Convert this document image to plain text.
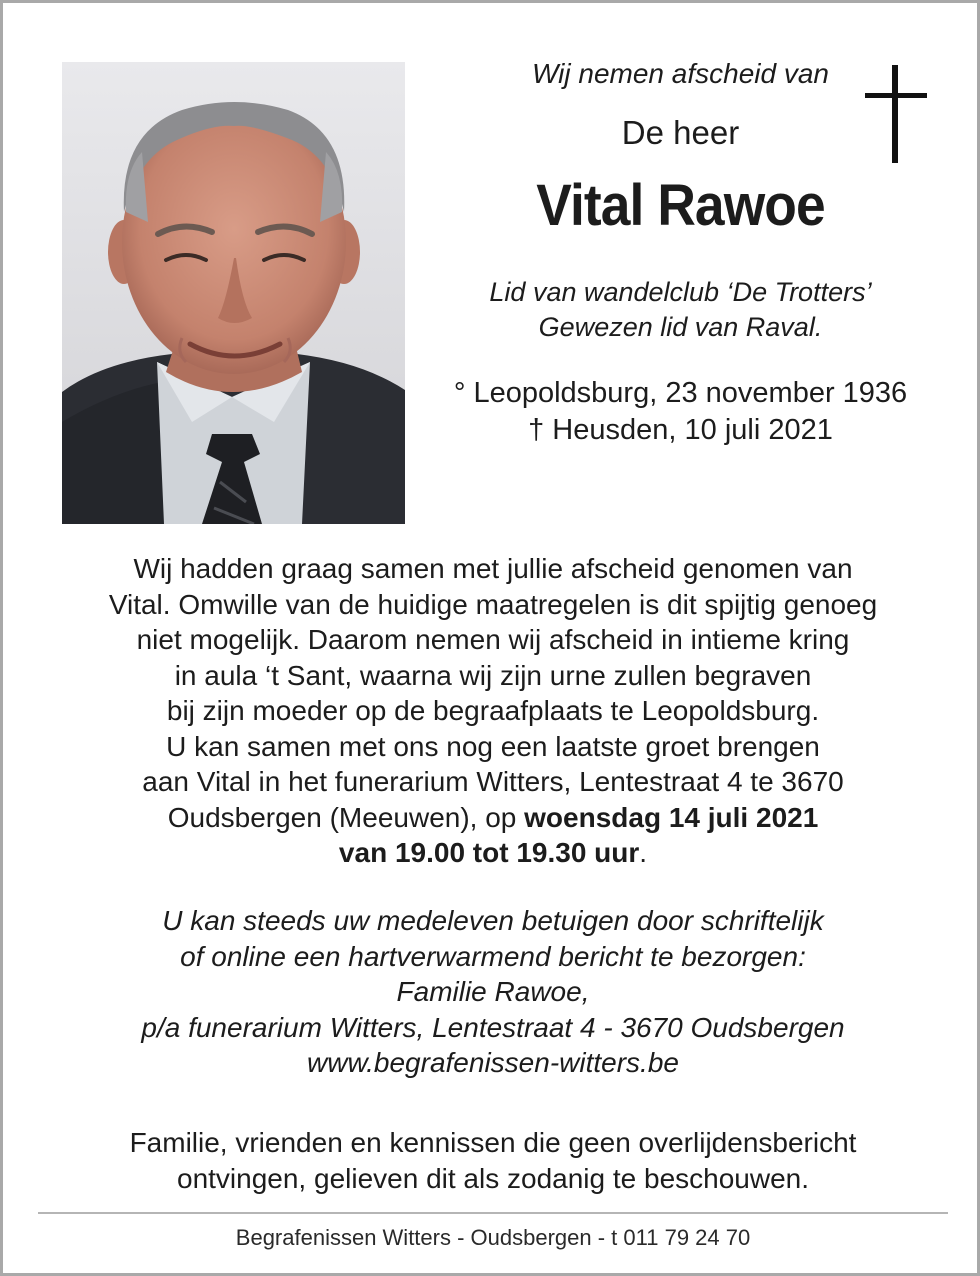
Wij nemen afscheid van

De heer

Vital Rawoe

Lid van wandelclub ‘De Trotters’
Gewezen lid van Raval.
° Leopoldsburg, 23 november 1936
† Heusden, 10 juli 2021
Wij hadden graag samen met jullie afscheid genomen van
Vital. Omwille van de huidige maatregelen is dit spijtig genoeg
niet mogelijk. Daarom nemen wij afscheid in intieme kring
in aula ‘t Sant, waarna wij zijn urne zullen begraven
bij zijn moeder op de begraafplaats te Leopoldsburg.
U kan samen met ons nog een laatste groet brengen
aan Vital in het funerarium Witters, Lentestraat 4 te 3670
Oudsbergen (Meeuwen), op woensdag 14 juli 2021
van 19.00 tot 19.30 uur.
U kan steeds uw medeleven betuigen door schriftelijk
of online een hartverwarmend bericht te bezorgen:
Familie Rawoe,
p/a funerarium Witters, Lentestraat 4 - 3670 Oudsbergen
www.begrafenissen-witters.be
Familie, vrienden en kennissen die geen overlijdensbericht
ontvingen, gelieven dit als zodanig te beschouwen.
Begrafenissen Witters - Oudsbergen - t 011 79 24 70
